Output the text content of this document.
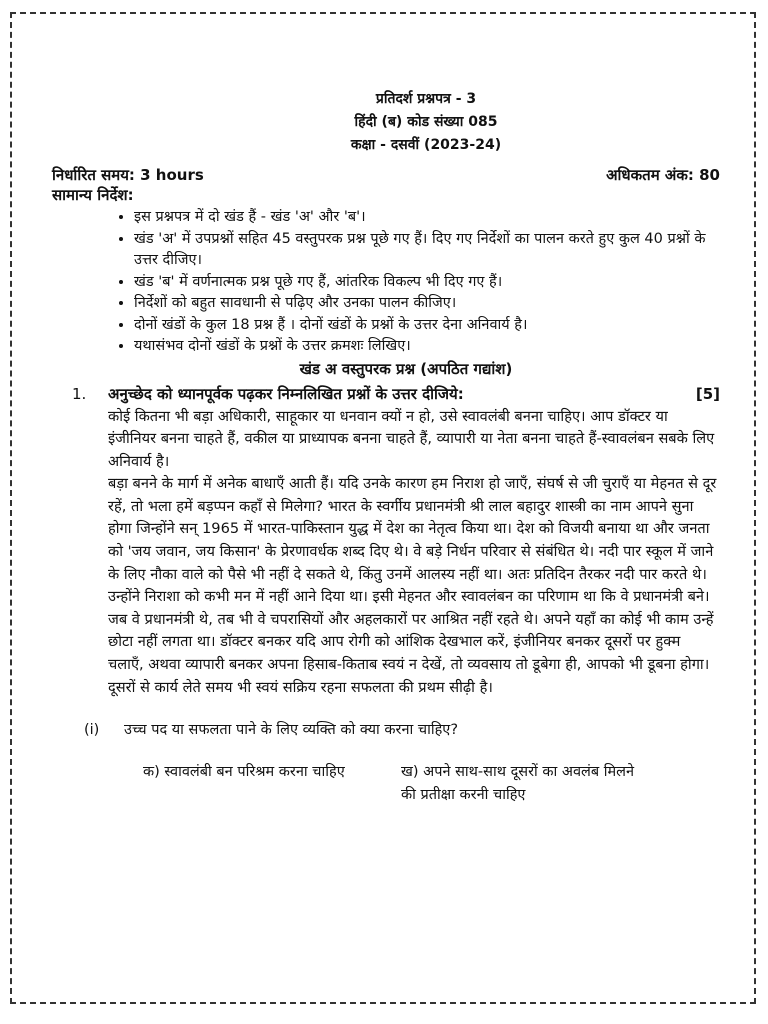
प्रतिदर्श प्रश्नपत्र - 3
हिंदी (ब) कोड संख्या 085
कक्षा - दसवीं (2023-24)
निर्धारित समय: 3 hours	अधिकतम अंक: 80
सामान्य निर्देश:
• इस प्रश्नपत्र में दो खंड हैं - खंड 'अ' और 'ब'।
• खंड 'अ' में उपप्रश्नों सहित 45 वस्तुपरक प्रश्न पूछे गए हैं। दिए गए निर्देशों का पालन करते हुए कुल 40 प्रश्नों के उत्तर दीजिए।
• खंड 'ब' में वर्णनात्मक प्रश्न पूछे गए हैं, आंतरिक विकल्प भी दिए गए हैं।
• निर्देशों को बहुत सावधानी से पढ़िए और उनका पालन कीजिए।
• दोनों खंडों के कुल 18 प्रश्न हैं । दोनों खंडों के प्रश्नों के उत्तर देना अनिवार्य है।
• यथासंभव दोनों खंडों के प्रश्नों के उत्तर क्रमशः लिखिए।
खंड अ वस्तुपरक प्रश्न (अपठित गद्यांश)
1.	अनुच्छेद को ध्यानपूर्वक पढ़कर निम्नलिखित प्रश्नों के उत्तर दीजिये:	[5]

कोई कितना भी बड़ा अधिकारी, साहूकार या धनवान क्यों न हो, उसे स्वावलंबी बनना चाहिए। आप डॉक्टर या इंजीनियर बनना चाहते हैं, वकील या प्राध्यापक बनना चाहते हैं, व्यापारी या नेता बनना चाहते हैं-स्वावलंबन सबके लिए अनिवार्य है।

बड़ा बनने के मार्ग में अनेक बाधाएँ आती हैं। यदि उनके कारण हम निराश हो जाएँ, संघर्ष से जी चुराएँ या मेहनत से दूर रहें, तो भला हमें बड़प्पन कहाँ से मिलेगा? भारत के स्वर्गीय प्रधानमंत्री श्री लाल बहादुर शास्त्री का नाम आपने सुना होगा जिन्होंने सन् 1965 में भारत-पाकिस्तान युद्ध में देश का नेतृत्व किया था। देश को विजयी बनाया था और जनता को 'जय जवान, जय किसान' के प्रेरणावर्धक शब्द दिए थे। वे बड़े निर्धन परिवार से संबंधित थे। नदी पार स्कूल में जाने के लिए नौका वाले को पैसे भी नहीं दे सकते थे, किंतु उनमें आलस्य नहीं था। अतः प्रतिदिन तैरकर नदी पार करते थे। उन्होंने निराशा को कभी मन में नहीं आने दिया था। इसी मेहनत और स्वावलंबन का परिणाम था कि वे प्रधानमंत्री बने। जब वे प्रधानमंत्री थे, तब भी वे चपरासियों और अहलकारों पर आश्रित नहीं रहते थे। अपने यहाँ का कोई भी काम उन्हें छोटा नहीं लगता था। डॉक्टर बनकर यदि आप रोगी को आंशिक देखभाल करें, इंजीनियर बनकर दूसरों पर हुक्म चलाएँ, अथवा व्यापारी बनकर अपना हिसाब-किताब स्वयं न देखें, तो व्यवसाय तो डूबेगा ही, आपको भी डूबना होगा। दूसरों से कार्य लेते समय भी स्वयं सक्रिय रहना सफलता की प्रथम सीढ़ी है।

(i)	उच्च पद या सफलता पाने के लिए व्यक्ति को क्या करना चाहिए?
क) स्वावलंबी बन परिश्रम करना चाहिए	ख) अपने साथ-साथ दूसरों का अवलंब मिलने की प्रतीक्षा करनी चाहिए
